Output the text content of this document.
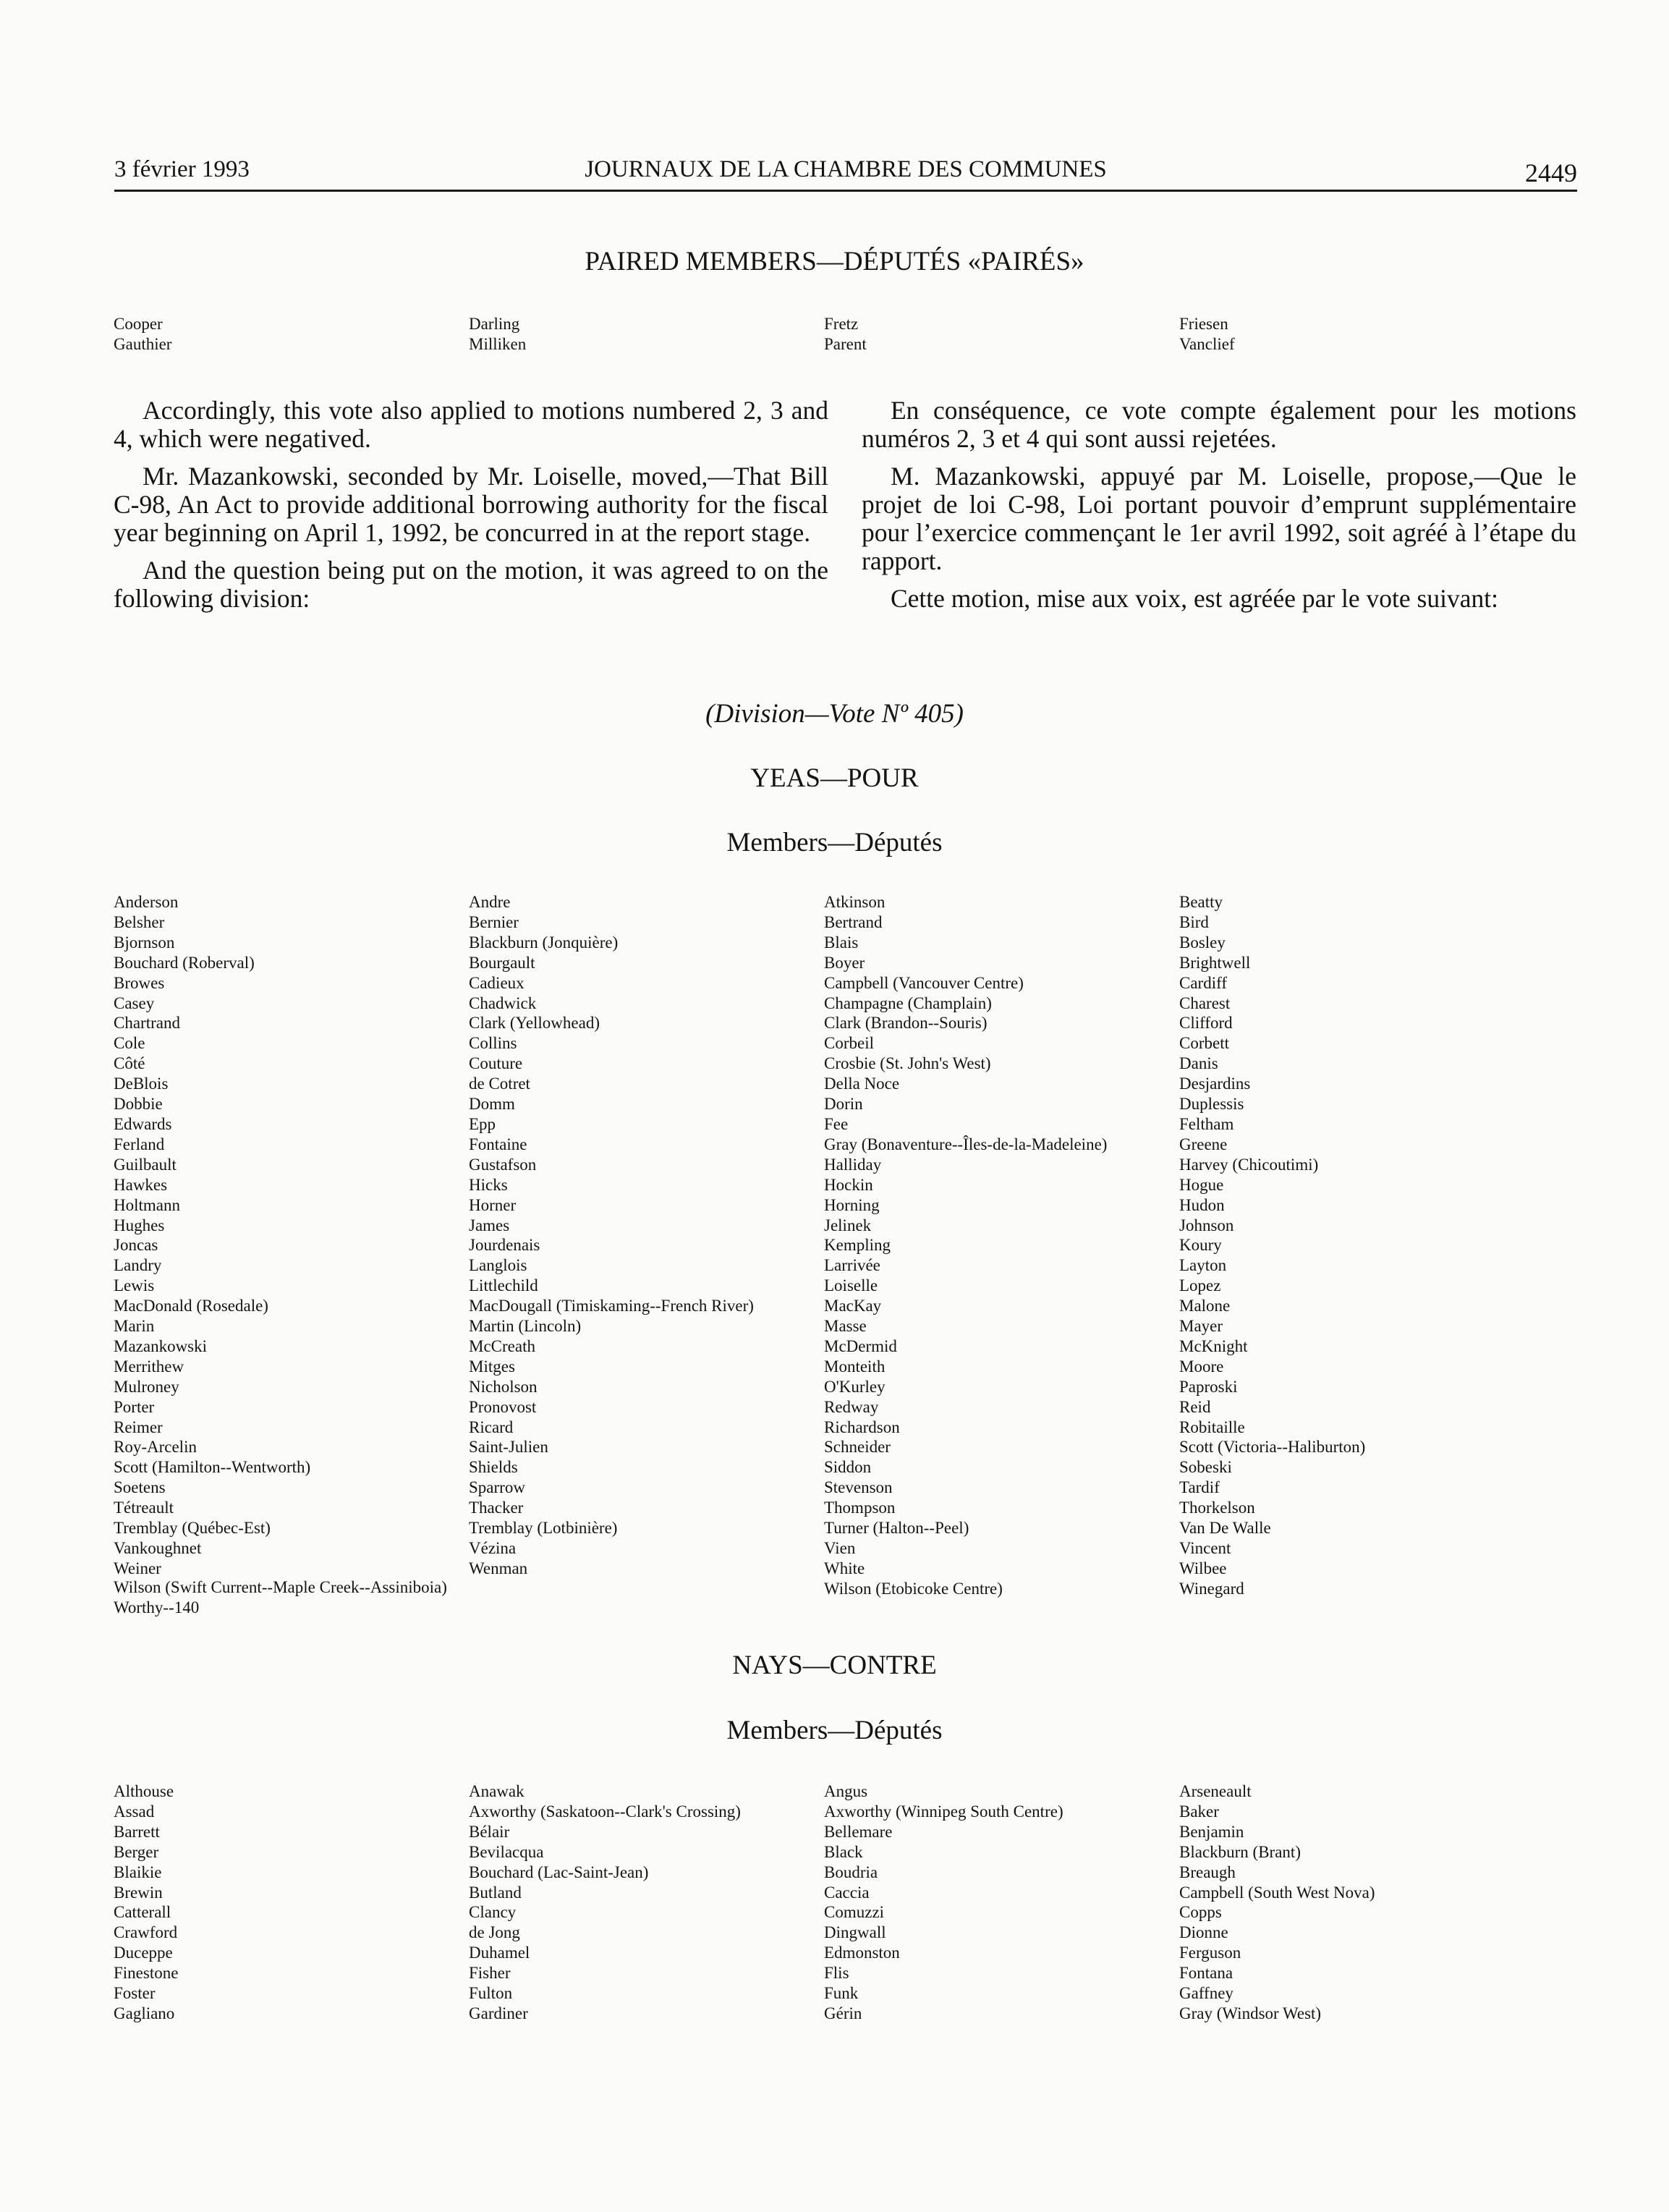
3 février 1993	JOURNAUX DE LA CHAMBRE DES COMMUNES	2449
PAIRED MEMBERS—DÉPUTÉS «PAIRÉS»
Cooper
Gauthier
Darling
Milliken
Fretz
Parent
Friesen
Vanclief

Accordingly, this vote also applied to motions numbered 2, 3 and 4, which were negatived.

Mr. Mazankowski, seconded by Mr. Loiselle, moved,—That Bill C-98, An Act to provide additional borrowing authority for the fiscal year beginning on April 1, 1992, be concurred in at the report stage.

And the question being put on the motion, it was agreed to on the following division:

En conséquence, ce vote compte également pour les motions numéros 2, 3 et 4 qui sont aussi rejetées.

M. Mazankowski, appuyé par M. Loiselle, propose,—Que le projet de loi C-98, Loi portant pouvoir d’emprunt supplémentaire pour l’exercice commençant le 1er avril 1992, soit agréé à l’étape du rapport.

Cette motion, mise aux voix, est agréée par le vote suivant:

(Division—Vote Nº 405)
YEAS—POUR
Members—Députés
Anderson
Belsher
Bjornson
Bouchard (Roberval)
Browes
Casey
Chartrand
Cole
Côté
DeBlois
Dobbie
Edwards
Ferland
Guilbault
Hawkes
Holtmann
Hughes
Joncas
Landry
Lewis
MacDonald (Rosedale)
Marin
Mazankowski
Merrithew
Mulroney
Porter
Reimer
Roy-Arcelin
Scott (Hamilton--Wentworth)
Soetens
Tétreault
Tremblay (Québec-Est)
Vankoughnet
Weiner
Andre
Bernier
Blackburn (Jonquière)
Bourgault
Cadieux
Chadwick
Clark (Yellowhead)
Collins
Couture
de Cotret
Domm
Epp
Fontaine
Gustafson
Hicks
Horner
James
Jourdenais
Langlois
Littlechild
MacDougall (Timiskaming--French River)
Martin (Lincoln)
McCreath
Mitges
Nicholson
Pronovost
Ricard
Saint-Julien
Shields
Sparrow
Thacker
Tremblay (Lotbinière)
Vézina
Wenman
Atkinson
Bertrand
Blais
Boyer
Campbell (Vancouver Centre)
Champagne (Champlain)
Clark (Brandon--Souris)
Corbeil
Crosbie (St. John's West)
Della Noce
Dorin
Fee
Gray (Bonaventure--Îles-de-la-Madeleine)
Halliday
Hockin
Horning
Jelinek
Kempling
Larrivée
Loiselle
MacKay
Masse
McDermid
Monteith
O'Kurley
Redway
Richardson
Schneider
Siddon
Stevenson
Thompson
Turner (Halton--Peel)
Vien
White
Wilson (Etobicoke Centre)
Beatty
Bird
Bosley
Brightwell
Cardiff
Charest
Clifford
Corbett
Danis
Desjardins
Duplessis
Feltham
Greene
Harvey (Chicoutimi)
Hogue
Hudon
Johnson
Koury
Layton
Lopez
Malone
Mayer
McKnight
Moore
Paproski
Reid
Robitaille
Scott (Victoria--Haliburton)
Sobeski
Tardif
Thorkelson
Van De Walle
Vincent
Wilbee
Winegard
Wilson (Swift Current--Maple Creek--Assiniboia)
Worthy--140
NAYS—CONTRE
Members—Députés
Althouse
Assad
Barrett
Berger
Blaikie
Brewin
Catterall
Crawford
Duceppe
Finestone
Foster
Gagliano
Anawak
Axworthy (Saskatoon--Clark's Crossing)
Bélair
Bevilacqua
Bouchard (Lac-Saint-Jean)
Butland
Clancy
de Jong
Duhamel
Fisher
Fulton
Gardiner
Angus
Axworthy (Winnipeg South Centre)
Bellemare
Black
Boudria
Caccia
Comuzzi
Dingwall
Edmonston
Flis
Funk
Gérin
Arseneault
Baker
Benjamin
Blackburn (Brant)
Breaugh
Campbell (South West Nova)
Copps
Dionne
Ferguson
Fontana
Gaffney
Gray (Windsor West)
